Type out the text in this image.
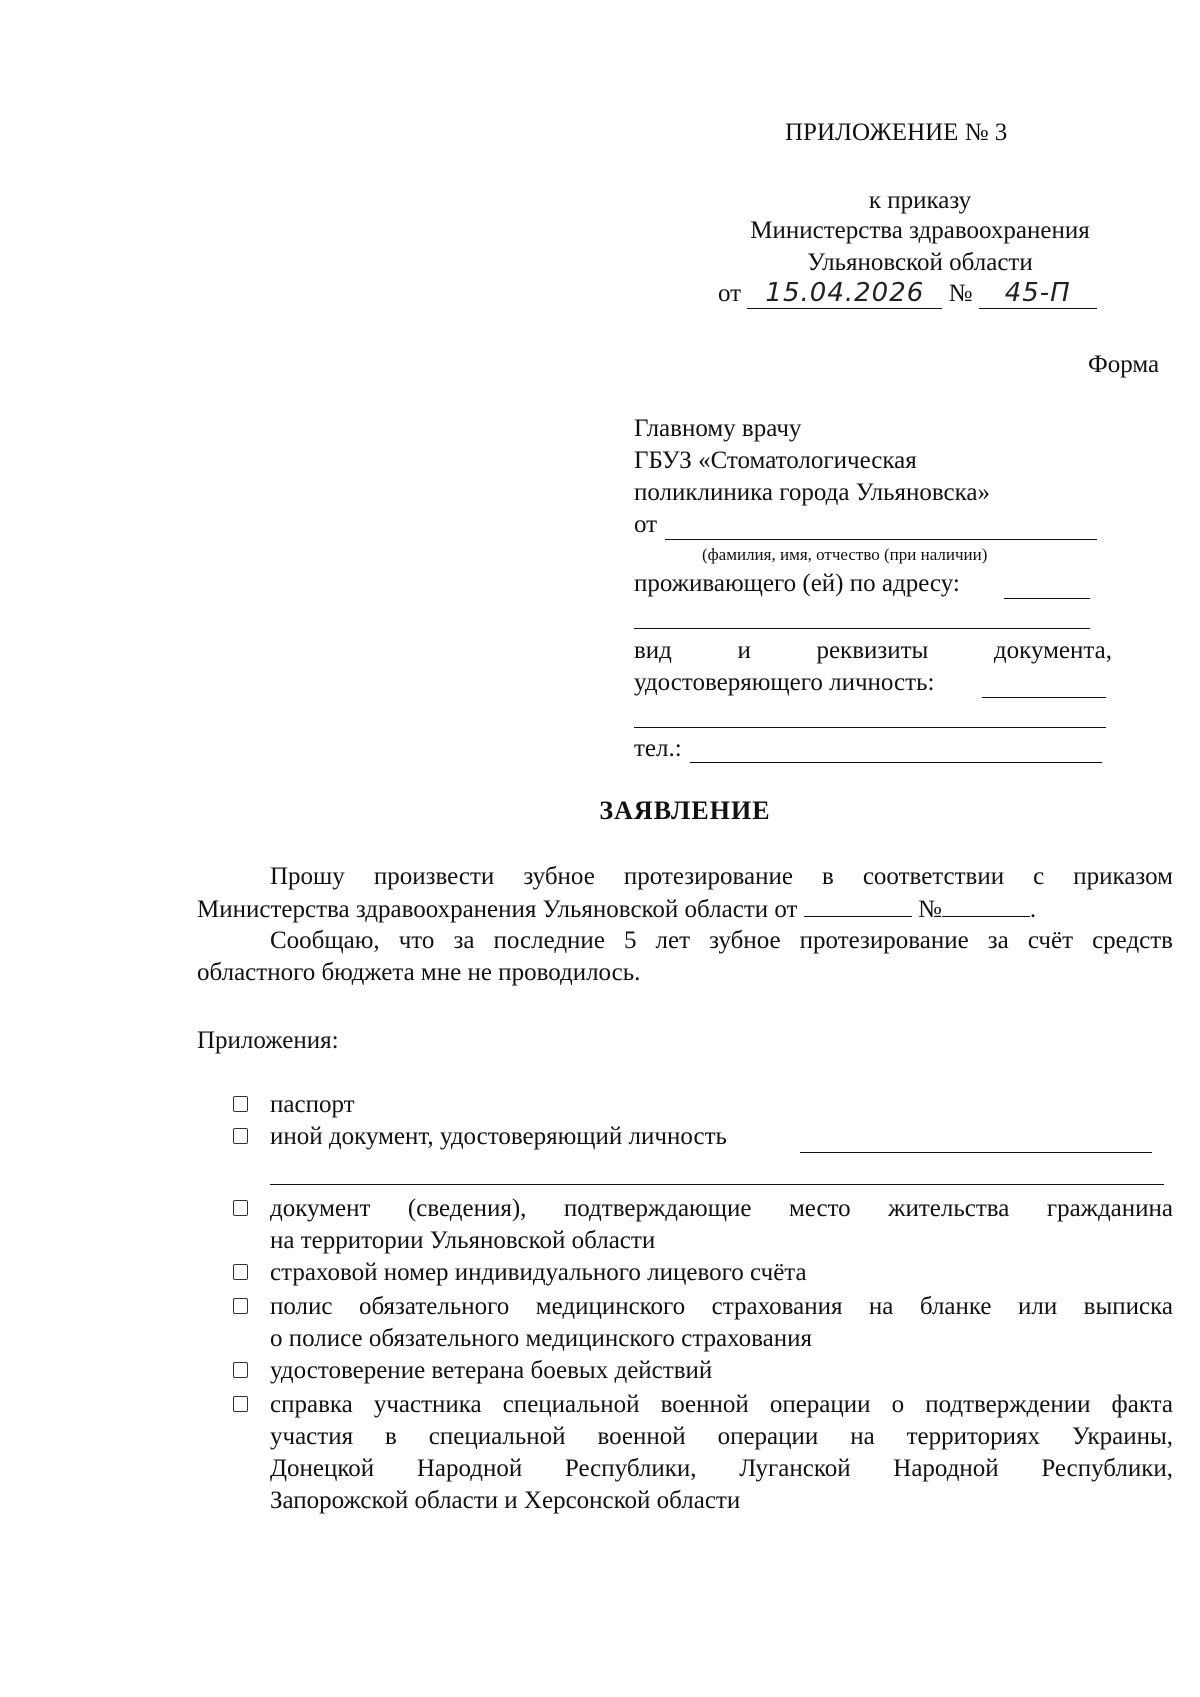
ПРИЛОЖЕНИЕ № 3
к приказу
Министерства здравоохранения
Ульяновской области
от 15.04.2026 № 45-П
Форма
Главному врачу
ГБУЗ «Стоматологическая
поликлиника города Ульяновска»
от
(фамилия, имя, отчество (при наличии)
проживающего (ей) по адресу:
вид и реквизиты документа,
удостоверяющего личность:
тел.:
ЗАЯВЛЕНИЕ
Прошу произвести зубное протезирование в соответствии с приказом
Министерства здравоохранения Ульяновской области от	№	.
Сообщаю, что за последние 5 лет зубное протезирование за счёт средств
областного бюджета мне не проводилось.
Приложения:
паспорт
иной документ, удостоверяющий личность
документ (сведения), подтверждающие место жительства гражданина
на территории Ульяновской области
страховой номер индивидуального лицевого счёта
полис обязательного медицинского страхования на бланке или выписка
о полисе обязательного медицинского страхования
удостоверение ветерана боевых действий
справка участника специальной военной операции о подтверждении факта
участия в специальной военной операции на территориях Украины,
Донецкой Народной Республики, Луганской Народной Республики,
Запорожской области и Херсонской области
